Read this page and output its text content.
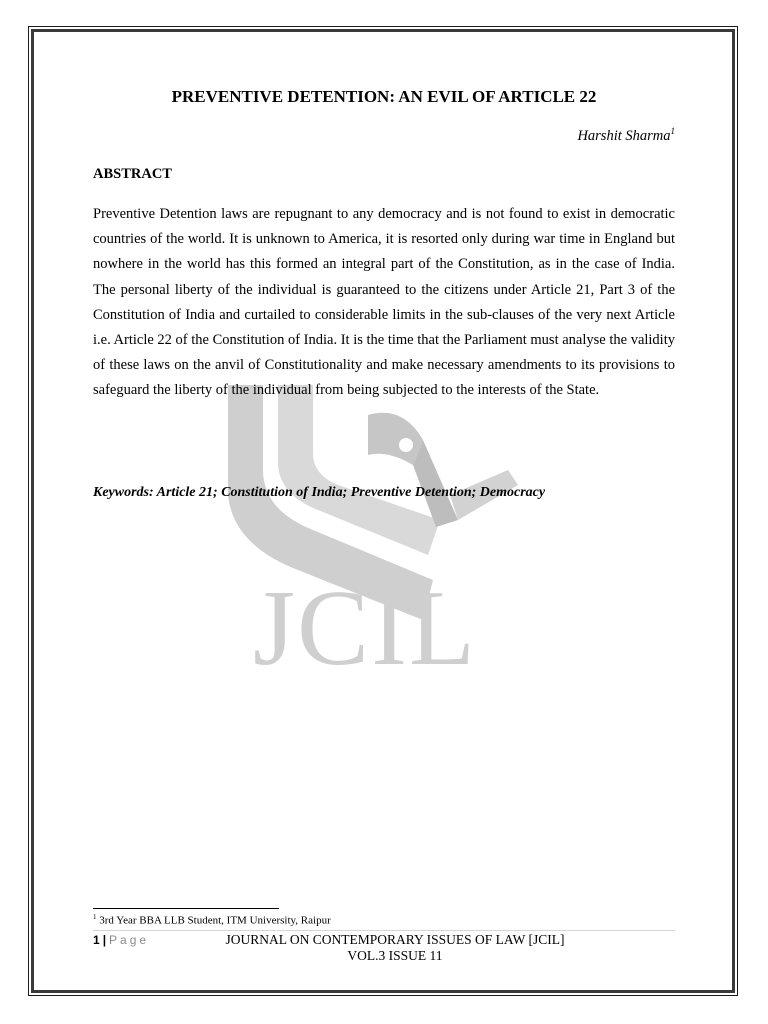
JCIL
PREVENTIVE DETENTION: AN EVIL OF ARTICLE 22
Harshit Sharma$^1$
ABSTRACT
Preventive Detention laws are repugnant to any democracy and is not found to exist in democratic countries of the world. It is unknown to America, it is resorted only during war time in England but nowhere in the world has this formed an integral part of the Constitution, as in the case of India. The personal liberty of the individual is guaranteed to the citizens under Article 21, Part 3 of the Constitution of India and curtailed to considerable limits in the sub-clauses of the very next Article i.e. Article 22 of the Constitution of India. It is the time that the Parliament must analyse the validity of these laws on the anvil of Constitutionality and make necessary amendments to its provisions to safeguard the liberty of the individual from being subjected to the interests of the State.
Keywords: Article 21; Constitution of India; Preventive Detention; Democracy
$^1$ 3rd Year BBA LLB Student, ITM University, Raipur
1 | Page	JOURNAL ON CONTEMPORARY ISSUES OF LAW [JCIL]
VOL.3 ISSUE 11
